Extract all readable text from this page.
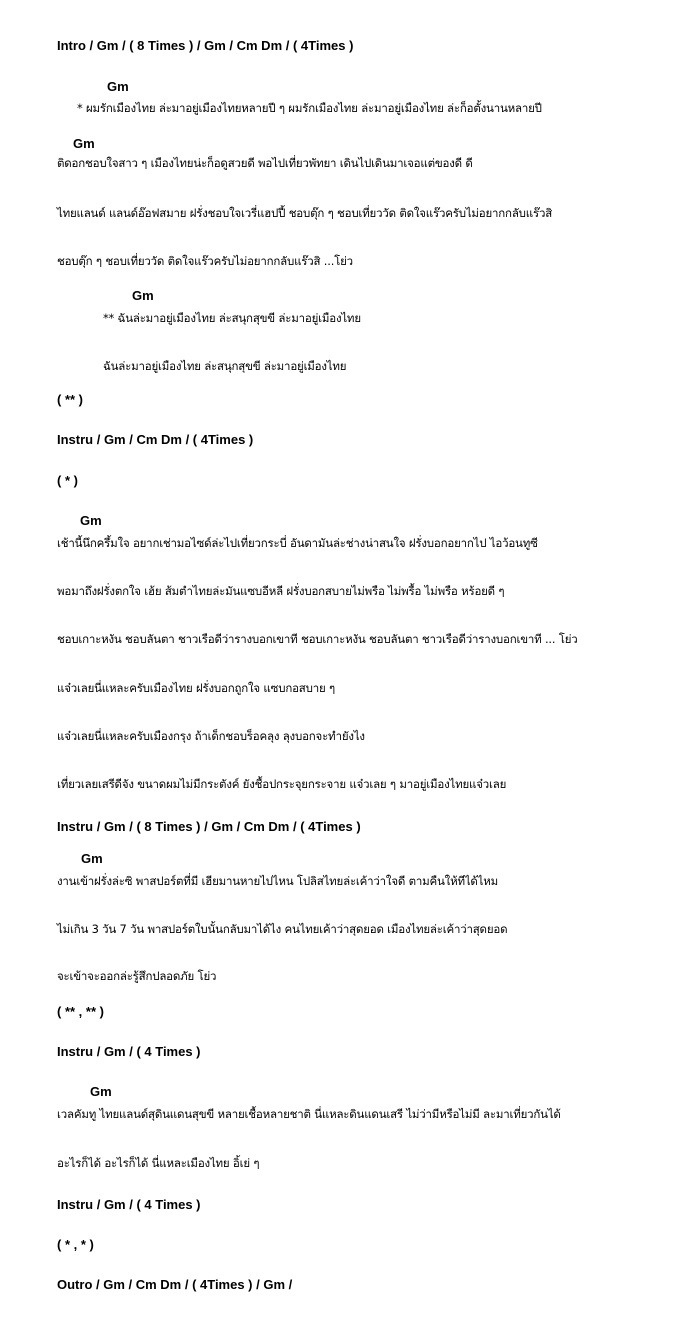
Intro / Gm / ( 8 Times ) / Gm / Cm Dm / ( 4Times )
Gm
* ผมรักเมืองไทย ล่ะมาอยู่เมืองไทยหลายปี ๆ ผมรักเมืองไทย ล่ะมาอยู่เมืองไทย ล่ะก็อตั้งนานหลายปี
Gm
ติดอกชอบใจสาว ๆ เมืองไทยน่ะก็อดูสวยดี พอไปเที่ยวพัทยา เดินไปเดินมาเจอแต่ของดี ดี
ไทยแลนด์ แลนด์อ๊อฟสมาย ฝรั่งชอบใจเวรี่แฮปปี้ ชอบตุ๊ก ๆ ชอบเที่ยววัด ติดใจแร๊วครับไม่อยากกลับแร๊วสิ
ชอบตุ๊ก ๆ ชอบเที่ยววัด ติดใจแร๊วครับไม่อยากกลับแร๊วสิ ...โย่ว
Gm
** ฉันล่ะมาอยู่เมืองไทย ล่ะสนุกสุขขี ล่ะมาอยู่เมืองไทย
ฉันล่ะมาอยู่เมืองไทย ล่ะสนุกสุขขี ล่ะมาอยู่เมืองไทย
( ** )
Instru / Gm / Cm Dm / ( 4Times )
( * )
Gm
เช้านี้นึกครึ้มใจ อยากเช่ามอไซด์ล่ะไปเที่ยวกระบี่ อันดามันล่ะช่างน่าสนใจ ฝรั่งบอกอยากไป ไอว้อนทูซี
พอมาถึงฝรั่งตกใจ เฮ้ย ส้มตำไทยล่ะมันแซบอีหลี ฝรั่งบอกสบายไม่พรือ ไม่พรื้อ ไม่พรือ หร้อยดี ๆ
ชอบเกาะหงัน ชอบลันตา ชาวเรือดีว่ารางบอกเขาที ชอบเกาะหงัน ชอบลันตา ชาวเรือดีว่ารางบอกเขาที ... โย่ว
แจ๋วเลยนี่แหละครับเมืองไทย ฝรั่งบอกถูกใจ แซบกอสบาย ๆ
แจ๋วเลยนี่แหละครับเมืองกรุง ถ้าเด็กชอบร็อคลุง ลุงบอกจะทำยังไง
เที่ยวเลยเสรีดีจัง ขนาดผมไม่มีกระตังค์ ยังชื้อปกระจุยกระจาย แจ๋วเลย ๆ มาอยู่เมืองไทยแจ๋วเลย
Instru / Gm / ( 8 Times ) / Gm / Cm Dm / ( 4Times )
Gm
งานเข้าฝรั่งล่ะซิ พาสปอร์ตที่มี เฮียมานหายไปไหน โปลิสไทยล่ะเค้าว่าใจดี ตามคืนให้ทีได้ไหม
ไม่เกิน 3 วัน 7 วัน พาสปอร์ตใบนั้นกลับมาได้ไง คนไทยเค้าว่าสุดยอด เมืองไทยล่ะเค้าว่าสุดยอด
จะเข้าจะออกล่ะรู้สึกปลอดภัย โย่ว
( ** , ** )
Instru / Gm / ( 4 Times )
Gm
เวลคัมทู ไทยแลนด์สุดินแดนสุขขี หลายเชื้อหลายชาติ นี่แหละดินแดนเสรี ไม่ว่ามีหรือไม่มี ละมาเที่ยวกันได้
อะไรก็ได้ อะไรก็ได้ นี่แหละเมืองไทย อิ้เย่ ๆ
Instru / Gm / ( 4 Times )
( * , * )
Outro / Gm / Cm Dm / ( 4Times ) / Gm /
